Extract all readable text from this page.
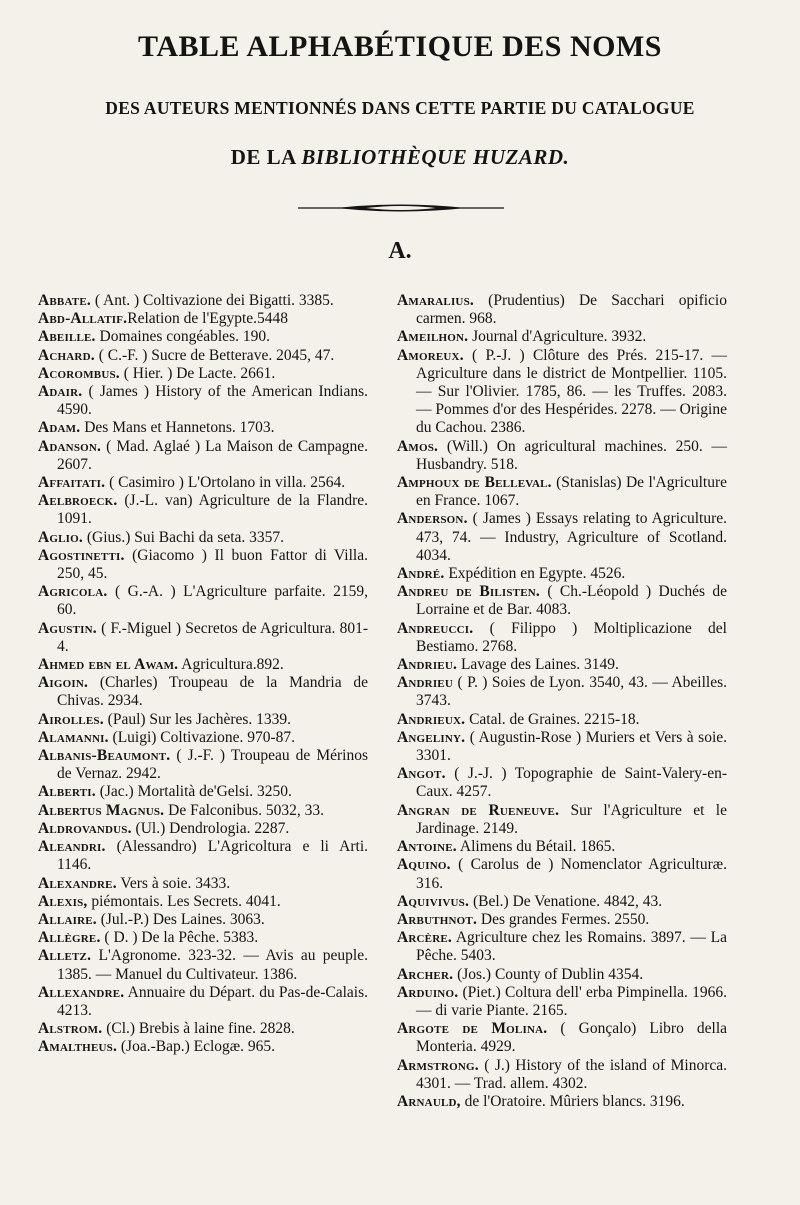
TABLE ALPHABÉTIQUE DES NOMS
DES AUTEURS MENTIONNÉS DANS CETTE PARTIE DU CATALOGUE
DE LA BIBLIOTHÈQUE HUZARD.
A.

Abbate. ( Ant. ) Coltivazione dei Bigatti. 3385.

Abd-Allatif.Relation de l'Egypte.5448

Abeille. Domaines congéables. 190.

Achard. ( C.-F. ) Sucre de Betterave. 2045, 47.

Acorombus. ( Hier. ) De Lacte. 2661.

Adair. ( James ) History of the American Indians. 4590.

Adam. Des Mans et Hannetons. 1703.

Adanson. ( Mad. Aglaé ) La Maison de Campagne. 2607.

Affaitati. ( Casimiro ) L'Ortolano in villa. 2564.

Aelbroeck. (J.-L. van) Agriculture de la Flandre. 1091.

Aglio. (Gius.) Sui Bachi da seta. 3357.

Agostinetti. (Giacomo ) Il buon Fattor di Villa. 250, 45.

Agricola. ( G.-A. ) L'Agriculture parfaite. 2159, 60.

Agustin. ( F.-Miguel ) Secretos de Agricultura. 801-4.

Ahmed ebn el Awam. Agricultura.892.

Aigoin. (Charles) Troupeau de la Mandria de Chivas. 2934.

Airolles. (Paul) Sur les Jachères. 1339.

Alamanni. (Luigi) Coltivazione. 970-87.

Albanis-Beaumont. ( J.-F. ) Troupeau de Mérinos de Vernaz. 2942.

Alberti. (Jac.) Mortalità de'Gelsi. 3250.

Albertus Magnus. De Falconibus. 5032, 33.

Aldrovandus. (Ul.) Dendrologia. 2287.

Aleandri. (Alessandro) L'Agricoltura e li Arti. 1146.

Alexandre. Vers à soie. 3433.

Alexis, piémontais. Les Secrets. 4041.

Allaire. (Jul.-P.) Des Laines. 3063.

Allègre. ( D. ) De la Pêche. 5383.

Alletz. L'Agronome. 323-32. — Avis au peuple. 1385. — Manuel du Cultivateur. 1386.

Allexandre. Annuaire du Départ. du Pas-de-Calais. 4213.

Alstrom. (Cl.) Brebis à laine fine. 2828.

Amaltheus. (Joa.-Bap.) Eclogæ. 965.

Amaralius. (Prudentius) De Sacchari opificio carmen. 968.

Ameilhon. Journal d'Agriculture. 3932.

Amoreux. ( P.-J. ) Clôture des Prés. 215-17. — Agriculture dans le district de Montpellier. 1105. — Sur l'Olivier. 1785, 86. — les Truffes. 2083. — Pommes d'or des Hespérides. 2278. — Origine du Cachou. 2386.

Amos. (Will.) On agricultural machines. 250. — Husbandry. 518.

Amphoux de Belleval. (Stanislas) De l'Agriculture en France. 1067.

Anderson. ( James ) Essays relating to Agriculture. 473, 74. — Industry, Agriculture of Scotland. 4034.

André. Expédition en Egypte. 4526.

Andreu de Bilisten. ( Ch.-Léopold ) Duchés de Lorraine et de Bar. 4083.

Andreucci. ( Filippo ) Moltiplicazione del Bestiamo. 2768.

Andrieu. Lavage des Laines. 3149.

Andrieu ( P. ) Soies de Lyon. 3540, 43. — Abeilles. 3743.

Andrieux. Catal. de Graines. 2215-18.

Angeliny. ( Augustin-Rose ) Muriers et Vers à soie. 3301.

Angot. ( J.-J. ) Topographie de Saint-Valery-en-Caux. 4257.

Angran de Rueneuve. Sur l'Agriculture et le Jardinage. 2149.

Antoine. Alimens du Bétail. 1865.

Aquino. ( Carolus de ) Nomenclator Agriculturæ. 316.

Aquivivus. (Bel.) De Venatione. 4842, 43.

Arbuthnot. Des grandes Fermes. 2550.

Arcère. Agriculture chez les Romains. 3897. — La Pêche. 5403.

Archer. (Jos.) County of Dublin 4354.

Arduino. (Piet.) Coltura dell' erba Pimpinella. 1966. — di varie Piante. 2165.

Argote de Molina. ( Gonçalo) Libro della Monteria. 4929.

Armstrong. ( J.) History of the island of Minorca. 4301. — Trad. allem. 4302.

Arnauld, de l'Oratoire. Mûriers blancs. 3196.
